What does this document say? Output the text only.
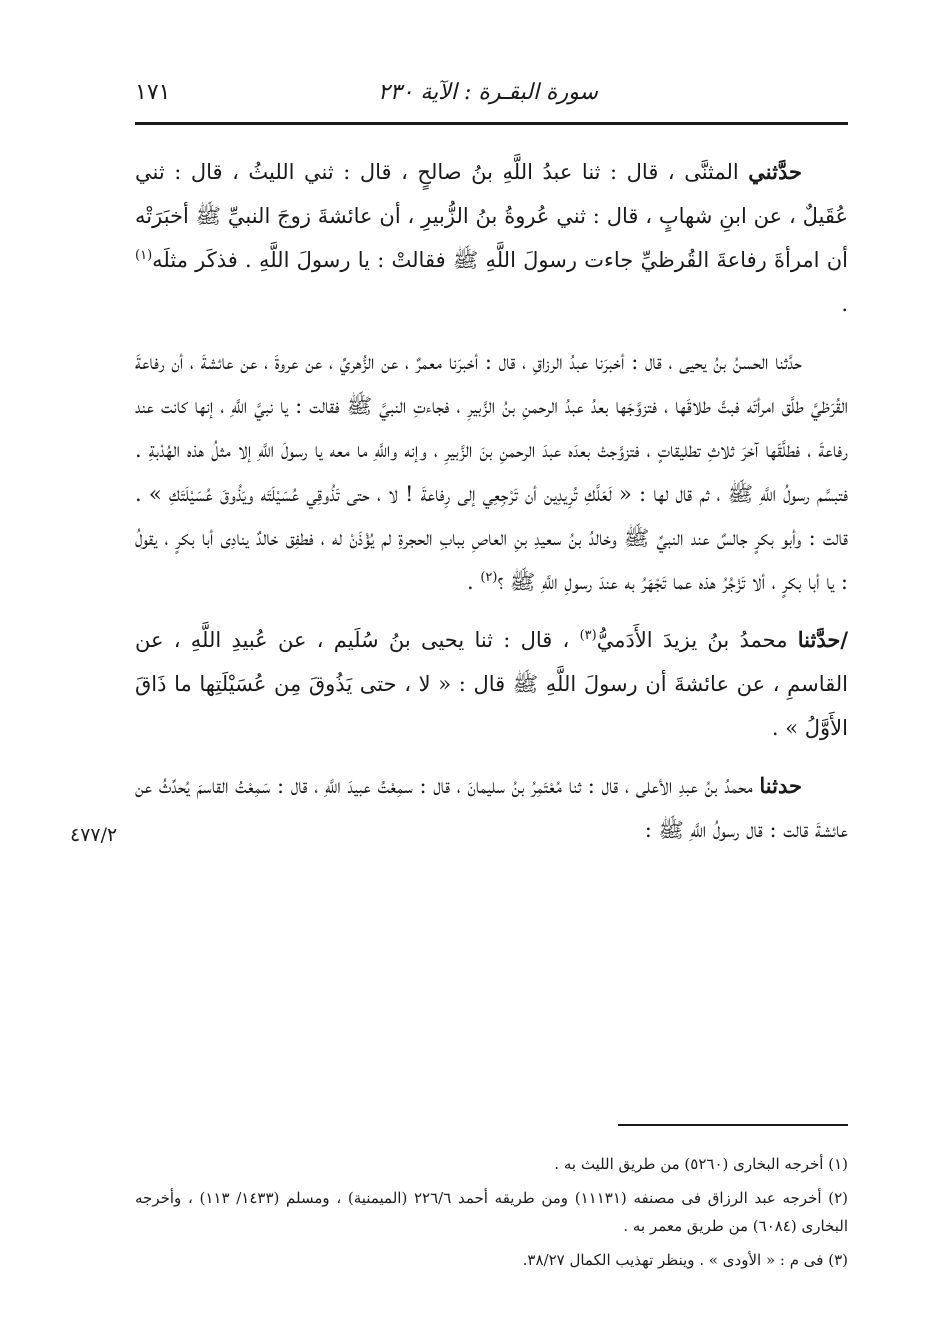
سورة البقـرة : الآية ٢٣٠
١٧١

حدَّثني المثنَّى ، قال : ثنا عبدُ اللَّهِ بنُ صالحٍ ، قال : ثني الليثُ ، قال : ثني عُقَيلٌ ، عن ابنِ شهابٍ ، قال : ثني عُروةُ بنُ الزُّبيرِ ، أن عائشةَ زوجَ النبيِّ ﷺ أخبَرَتْه أن امرأةَ رفاعةَ القُرظيِّ جاءت رسولَ اللَّهِ ﷺ فقالتْ : يا رسولَ اللَّهِ . فذكَر مثلَه$^{(١)}$ .

حدَّثنا الحسنُ بنُ يحيى ، قال : أخبرَنا عبدُ الرزاقِ ، قال : أخبرَنا معمرٌ ، عن الزُّهريِّ ، عن عروةَ ، عن عائشةَ ، أن رفاعةَ القُرَظيَّ طلَّق امرأتَه فبتَّ طلاقَها ، فتزوَّجَها بعدُ عبدُ الرحمنِ بنُ الزَّبيرِ ، فجاءتِ النبيَّ ﷺ فقالت : يا نبيَّ اللَّهِ ، إنها كانت عند رفاعةَ ، فطلَّقَها آخرَ ثلاثِ تطليقاتٍ ، فتزوَّجتْ بعدَه عبدَ الرحمنِ بنَ الزَّبيرِ ، وإنه واللَّهِ ما معه يا رسولَ اللَّهِ إلا مثلُ هذه الهُدْبةِ . فتبسَّم رسولُ اللَّهِ ﷺ ، ثم قال لها : « لَعَلَّكِ تُرِيدِين أن تَرْجِعِي إلى رِفاعةَ ! لا ، حتى تَذُوقِي عُسَيْلَتَه ويَذُوقَ عُسَيْلَتَكِ » . قالت : وأبو بكرٍ جالسٌ عند النبيِّ ﷺ وخالدُ بنُ سعيدِ بنِ العاصِ ببابِ الحجرةِ لم يُؤْذَنْ له ، فطفِق خالدٌ ينادِى أبا بكرٍ ، يقولُ : يا أبا بكرٍ ، ألا تَزْجُرُ هذه عما تَجْهَرُ به عندَ رسولِ اللَّهِ ﷺ ؟$^{(٢)}$ .

/حدَّثنا محمدُ بنُ يزيدَ الأَدَميُّ$^{(٣)}$ ، قال : ثنا يحيى بنُ سُلَيم ، عن عُبيدِ اللَّهِ ، عن القاسمِ ، عن عائشةَ أن رسولَ اللَّهِ ﷺ قال : « لا ، حتى يَذُوقَ مِن عُسَيْلَتِها ما ذَاقَ الأَوَّلُ » .

حدثنا محمدُ بنُ عبدِ الأعلى ، قال : ثنا مُعْتَمِرُ بنُ سليمانَ ، قال : سمِعْتُ عبيدَ اللَّهِ ، قال : سَمِعْتُ القاسمَ يُحدِّثُ عن عائشةَ قالت : قال رسولُ اللَّهِ ﷺ :

٤٧٧/٢

(١) أخرجه البخارى (٥٢٦٠) من طريق الليث به .

(٢) أخرجه عبد الرزاق فى مصنفه (١١١٣١) ومن طريقه أحمد ٢٢٦/٦ (الميمنية) ، ومسلم (١٤٣٣/ ١١٣) ، وأخرجه البخارى (٦٠٨٤) من طريق معمر به .

(٣) فى م : « الأودى » . وينظر تهذيب الكمال ٣٨/٢٧.
